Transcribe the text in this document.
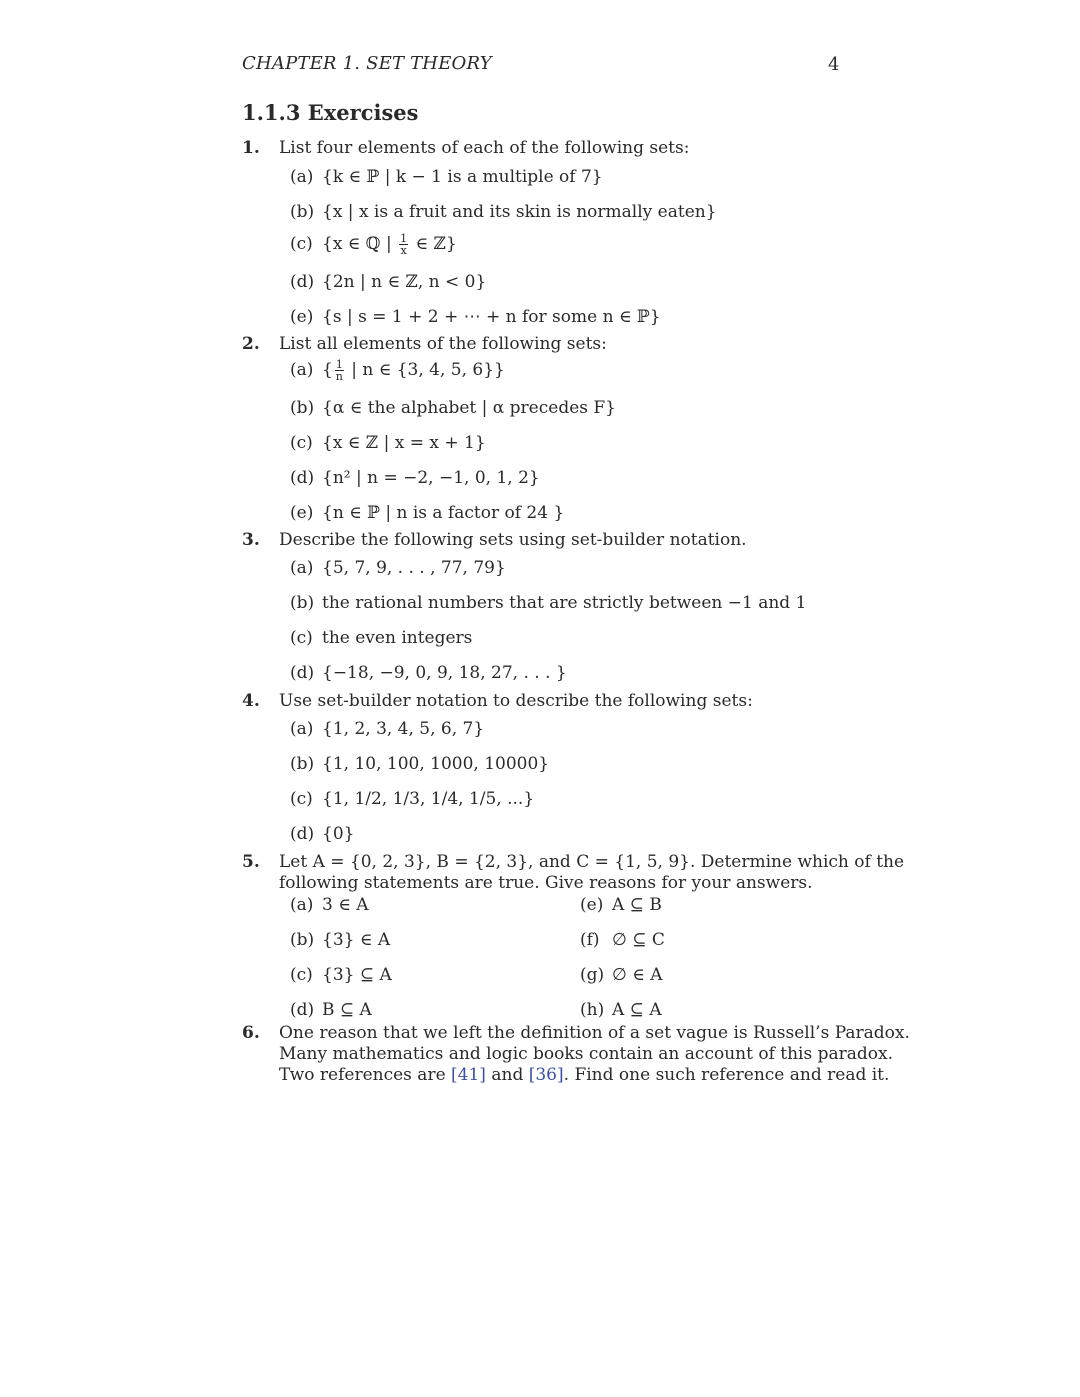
CHAPTER 1. SET THEORY	4
1.1.3 Exercises
1. List four elements of each of the following sets:
(a) {k ∈ ℙ | k − 1 is a multiple of 7}
(b) {x | x is a fruit and its skin is normally eaten}
(c) {x ∈ ℚ | $\frac{1}{x}$ ∈ ℤ}
(d) {2n | n ∈ ℤ, n < 0}
(e) {s | s = 1 + 2 + ⋯ + n for some n ∈ ℙ}
2. List all elements of the following sets:
(a) { $\frac{1}{n}$ | n ∈ {3, 4, 5, 6}}
(b) {α ∈ the alphabet | α precedes F}
(c) {x ∈ ℤ | x = x + 1}
(d) {n² | n = −2, −1, 0, 1, 2}
(e) {n ∈ ℙ | n is a factor of 24 }
3. Describe the following sets using set-builder notation.
(a) {5, 7, 9, . . . , 77, 79}
(b) the rational numbers that are strictly between −1 and 1
(c) the even integers
(d) {−18, −9, 0, 9, 18, 27, . . . }
4. Use set-builder notation to describe the following sets:
(a) {1, 2, 3, 4, 5, 6, 7}
(b) {1, 10, 100, 1000, 10000}
(c) {1, 1/2, 1/3, 1/4, 1/5, ...}
(d) {0}
5. Let A = {0, 2, 3}, B = {2, 3}, and C = {1, 5, 9}. Determine which of the
following statements are true. Give reasons for your answers.
(a) 3 ∈ A
(b) {3} ∈ A
(c) {3} ⊆ A
(d) B ⊆ A
(e) A ⊆ B
(f) ∅ ⊆ C
(g) ∅ ∈ A
(h) A ⊆ A
6. One reason that we left the definition of a set vague is Russell’s Paradox.
Many mathematics and logic books contain an account of this paradox.
Two references are [41] and [36]. Find one such reference and read it.
